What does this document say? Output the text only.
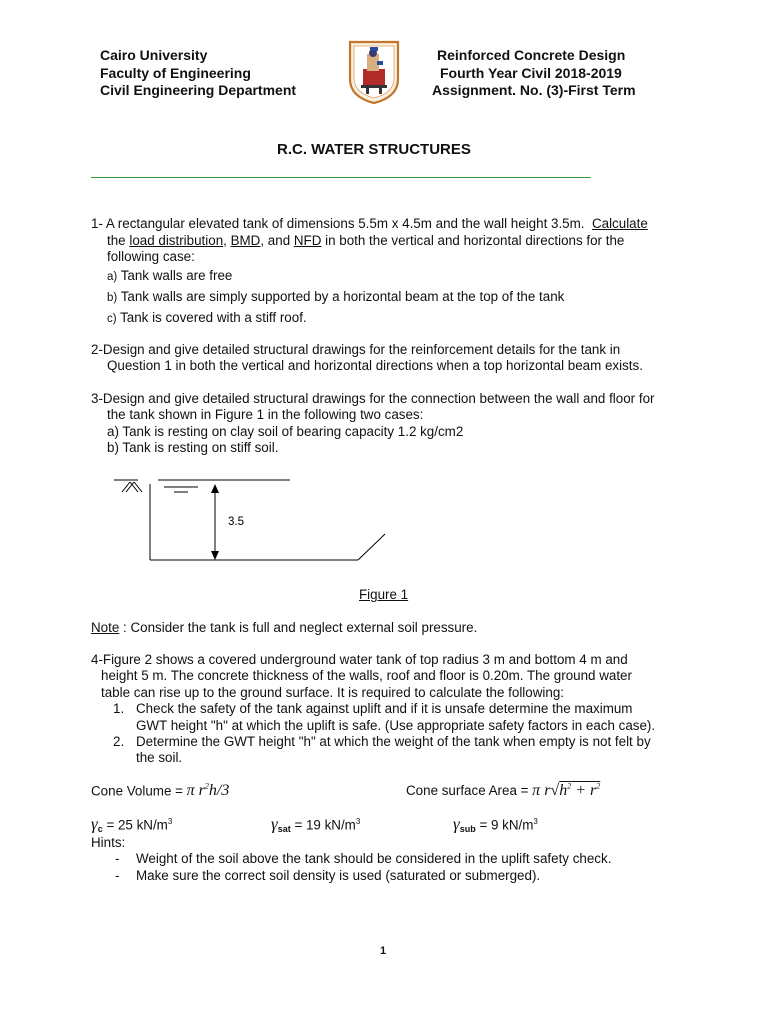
Cairo University
Faculty of Engineering
Civil Engineering Department
Reinforced Concrete Design
Fourth Year Civil 2018-2019
Assignment. No. (3)-First Term
R.C. WATER STRUCTURES
1- A rectangular elevated tank of dimensions 5.5m x 4.5m and the wall height 3.5m. Calculate
the load distribution, BMD, and NFD in both the vertical and horizontal directions for the
following case:
a) Tank walls are free
b) Tank walls are simply supported by a horizontal beam at the top of the tank
c) Tank is covered with a stiff roof.
2-Design and give detailed structural drawings for the reinforcement details for the tank in
Question 1 in both the vertical and horizontal directions when a top horizontal beam exists.
3-Design and give detailed structural drawings for the connection between the wall and floor for
the tank shown in Figure 1 in the following two cases:
a) Tank is resting on clay soil of bearing capacity 1.2 kg/cm2
b) Tank is resting on stiff soil.
3.5
Figure 1
Note : Consider the tank is full and neglect external soil pressure.
4-Figure 2 shows a covered underground water tank of top radius 3 m and bottom 4 m and
height 5 m. The concrete thickness of the walls, roof and floor is 0.20m. The ground water
table can rise up to the ground surface. It is required to calculate the following:
1. Check the safety of the tank against uplift and if it is unsafe determine the maximum
GWT height "h" at which the uplift is safe. (Use appropriate safety factors in each case).
2. Determine the GWT height "h" at which the weight of the tank when empty is not felt by
the soil.
Cone Volume = π $r^2h/3$	Cone surface Area = π $r√h^2 + r^2$
$\gamma_c = 25$ $kN/m^3$	$\gamma_{sat} = 19$ $kN/m^3$	$\gamma_{sub} = 9$ $kN/m^3$
Hints:
- Weight of the soil above the tank should be considered in the uplift safety check.
- Make sure the correct soil density is used (saturated or submerged).
1
